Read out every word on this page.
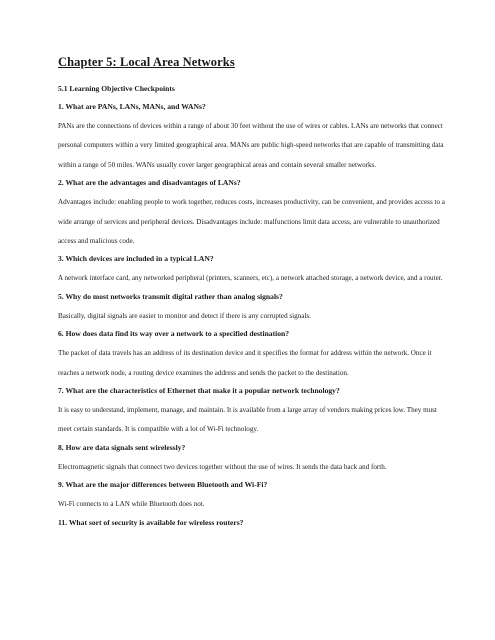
Chapter 5: Local Area Networks
5.1 Learning Objective Checkpoints
1. What are PANs, LANs, MANs, and WANs?
PANs are the connections of devices within a range of about 30 feet without the use of wires or cables. LANs are networks that connect personal computers within a very limited geographical area. MANs are public high-speed networks that are capable of transmitting data within a range of 50 miles. WANs usually cover larger geographical areas and contain several smaller networks.
2. What are the advantages and disadvantages of LANs?
Advantages include: enabling people to work together, reduces costs, increases productivity, can be convenient, and provides access to a wide arrange of services and peripheral devices. Disadvantages include: malfunctions limit data access, are vulnerable to unauthorized access and malicious code.
3. Which devices are included in a typical LAN?
A network interface card, any networked peripheral (printers, scanners, etc), a network attached storage, a network device, and a router.
5. Why do most networks transmit digital rather than analog signals?
Basically, digital signals are easier to monitor and detect if there is any corrupted signals.
6. How does data find its way over a network to a specified destination?
The packet of data travels has an address of its destination device and it specifies the format for address within the network. Once it reaches a network node, a routing device examines the address and sends the packet to the destination.
7. What are the characteristics of Ethernet that make it a popular network technology?
It is easy to understand, implement, manage, and maintain. It is available from a large array of vendors making prices low. They must meet certain standards. It is compatible with a lot of Wi-Fi technology.
8. How are data signals sent wirelessly?
Electromagnetic signals that connect two devices together without the use of wires. It sends the data back and forth.
9. What are the major differences between Bluetooth and Wi-Fi?
Wi-Fi connects to a LAN while Bluetooth does not.
11. What sort of security is available for wireless routers?
